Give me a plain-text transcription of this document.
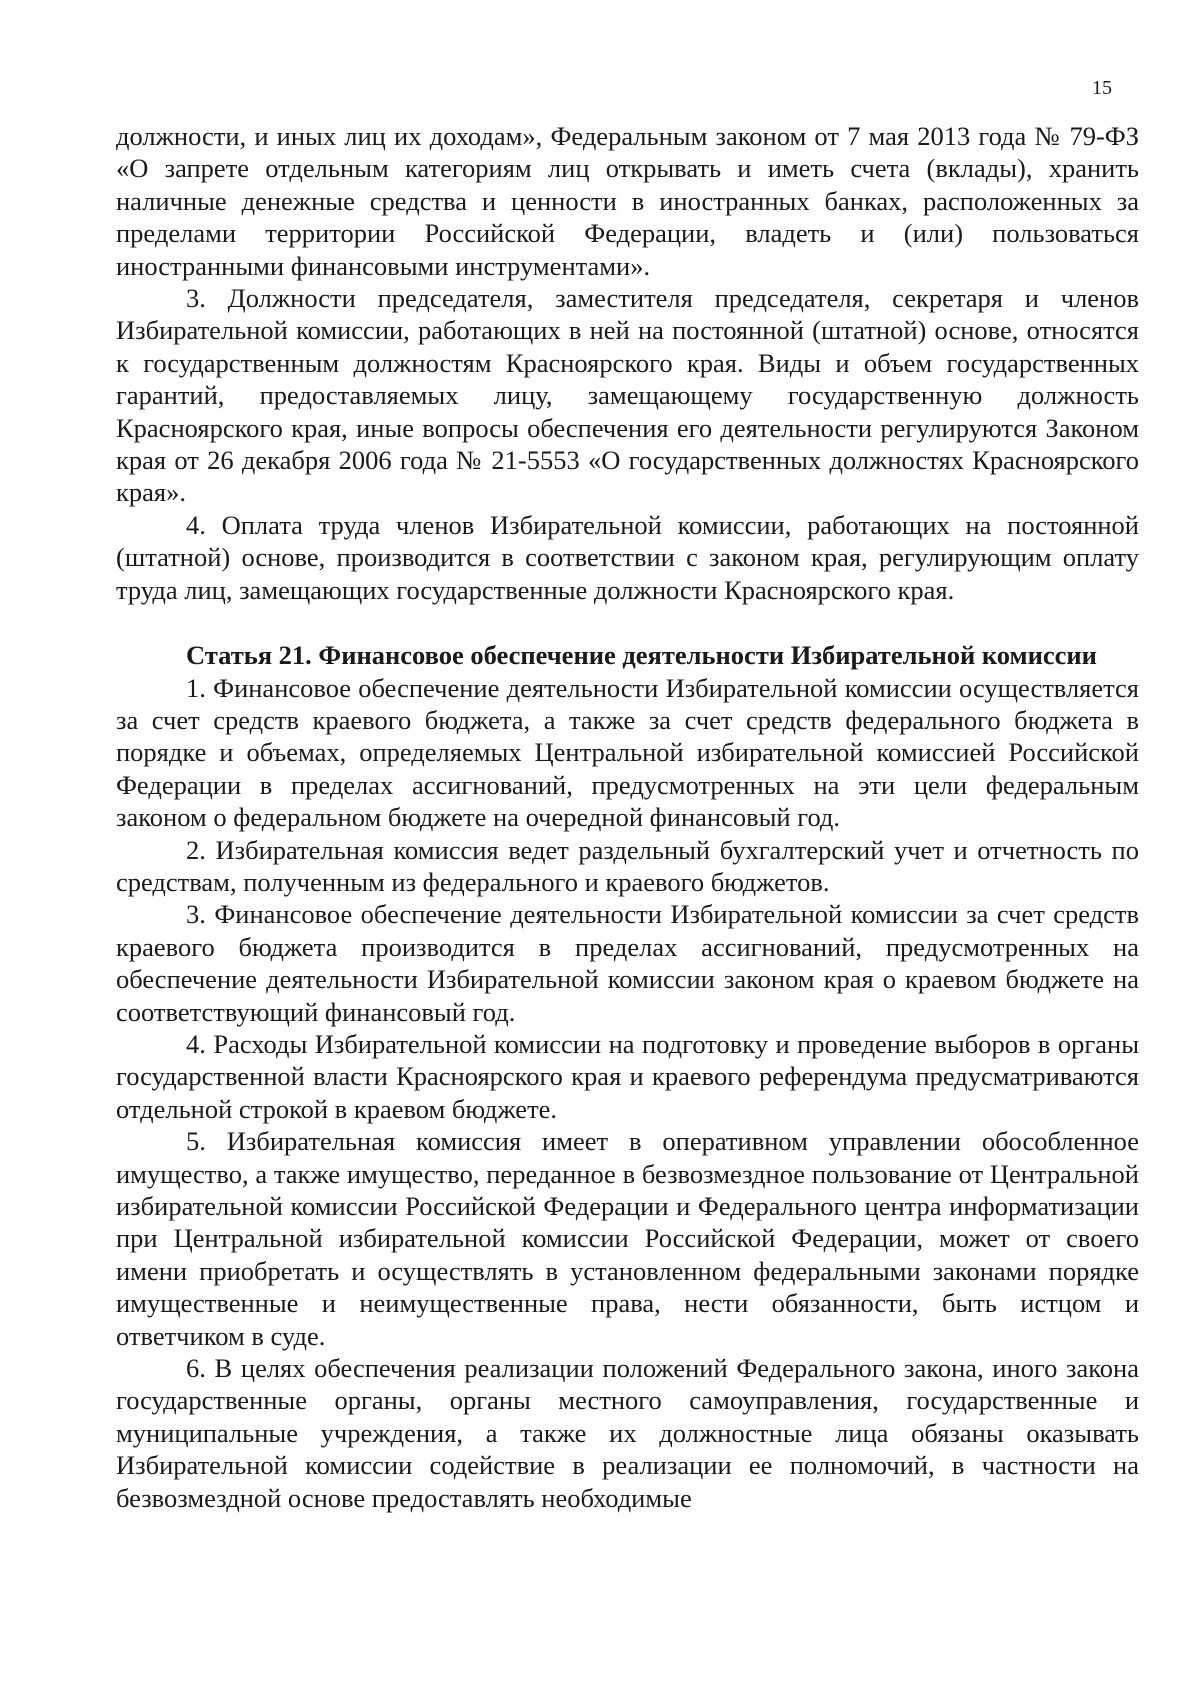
15

должности, и иных лиц их доходам», Федеральным законом от 7 мая 2013 года № 79-ФЗ «О запрете отдельным категориям лиц открывать и иметь счета (вклады), хранить наличные денежные средства и ценности в иностранных банках, расположенных за пределами территории Российской Федерации, владеть и (или) пользоваться иностранными финансовыми инструментами».

3. Должности председателя, заместителя председателя, секретаря и членов Избирательной комиссии, работающих в ней на постоянной (штатной) основе, относятся к государственным должностям Красноярского края. Виды и объем государственных гарантий, предоставляемых лицу, замещающему государственную должность Красноярского края, иные вопросы обеспечения его деятельности регулируются Законом края от 26 декабря 2006 года № 21-5553 «О государственных должностях Красноярского края».

4. Оплата труда членов Избирательной комиссии, работающих на постоянной (штатной) основе, производится в соответствии с законом края, регулирующим оплату труда лиц, замещающих государственные должности Красноярского края.

Статья 21. Финансовое обеспечение деятельности Избирательной комиссии

1. Финансовое обеспечение деятельности Избирательной комиссии осуществляется за счет средств краевого бюджета, а также за счет средств федерального бюджета в порядке и объемах, определяемых Центральной избирательной комиссией Российской Федерации в пределах ассигнований, предусмотренных на эти цели федеральным законом о федеральном бюджете на очередной финансовый год.

2. Избирательная комиссия ведет раздельный бухгалтерский учет и отчетность по средствам, полученным из федерального и краевого бюджетов.

3. Финансовое обеспечение деятельности Избирательной комиссии за счет средств краевого бюджета производится в пределах ассигнований, предусмотренных на обеспечение деятельности Избирательной комиссии законом края о краевом бюджете на соответствующий финансовый год.

4. Расходы Избирательной комиссии на подготовку и проведение выборов в органы государственной власти Красноярского края и краевого референдума предусматриваются отдельной строкой в краевом бюджете.

5. Избирательная комиссия имеет в оперативном управлении обособленное имущество, а также имущество, переданное в безвозмездное пользование от Центральной избирательной комиссии Российской Федерации и Федерального центра информатизации при Центральной избирательной комиссии Российской Федерации, может от своего имени приобретать и осуществлять в установленном федеральными законами порядке имущественные и неимущественные права, нести обязанности, быть истцом и ответчиком в суде.

6. В целях обеспечения реализации положений Федерального закона, иного закона государственные органы, органы местного самоуправления, государственные и муниципальные учреждения, а также их должностные лица обязаны оказывать Избирательной комиссии содействие в реализации ее полномочий, в частности на безвозмездной основе предоставлять необходимые
